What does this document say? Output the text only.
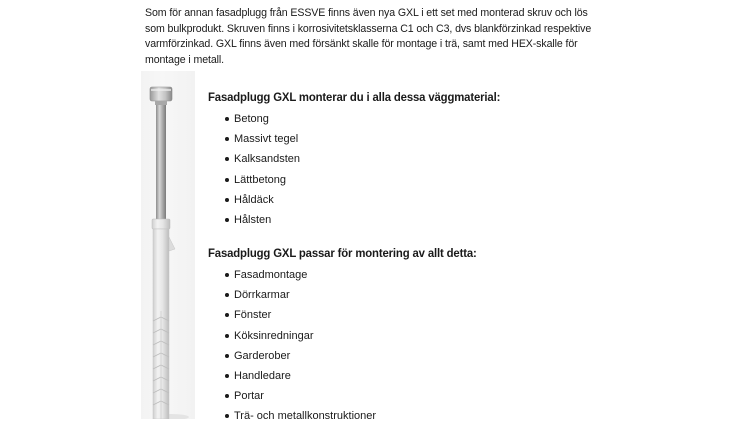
Som för annan fasadplugg från ESSVE finns även nya GXL i ett set med monterad skruv och lös som bulkprodukt. Skruven finns i korrosivitetsklasserna C1 och C3, dvs blankförzinkad respektive varmförzinkad. GXL finns även med försänkt skalle för montage i trä, samt med HEX-skalle för montage i metall.

Fasadplugg GXL monterar du i alla dessa väggmaterial:
Betong
Massivt tegel
Kalksandsten
Lättbetong
Håldäck
Hålsten
Fasadplugg GXL passar för montering av allt detta:
Fasadmontage
Dörrkarmar
Fönster
Köksinredningar
Garderober
Handledare
Portar
Trä- och metallkonstruktioner
